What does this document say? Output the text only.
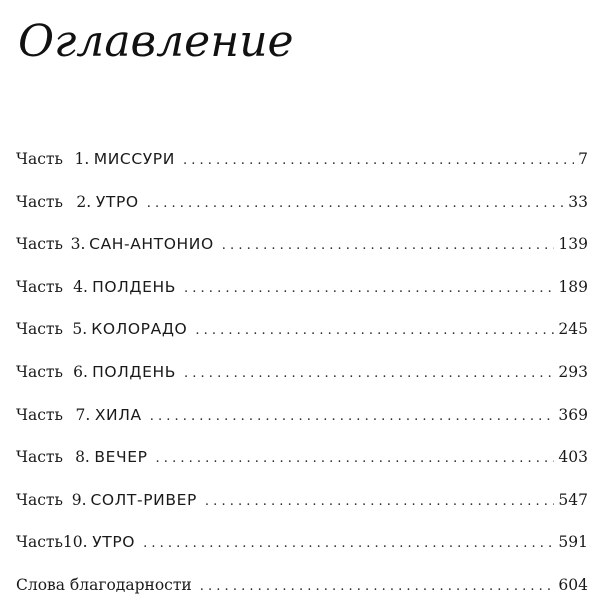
Оглавление
Часть 1. МИССУРИ . . .	7
Часть 2. УТРО . . .	33
Часть 3. САН-АНТОНИО . . .	139
Часть 4. ПОЛДЕНЬ . . .	189
Часть 5. КОЛОРАДО . . .	245
Часть 6. ПОЛДЕНЬ . . .	293
Часть 7. ХИЛА . . .	369
Часть 8. ВЕЧЕР . . .	403
Часть 9. СОЛТ-РИВЕР . . .	547
Часть 10. УТРО . . .	591
Слова благодарности . . .	604
